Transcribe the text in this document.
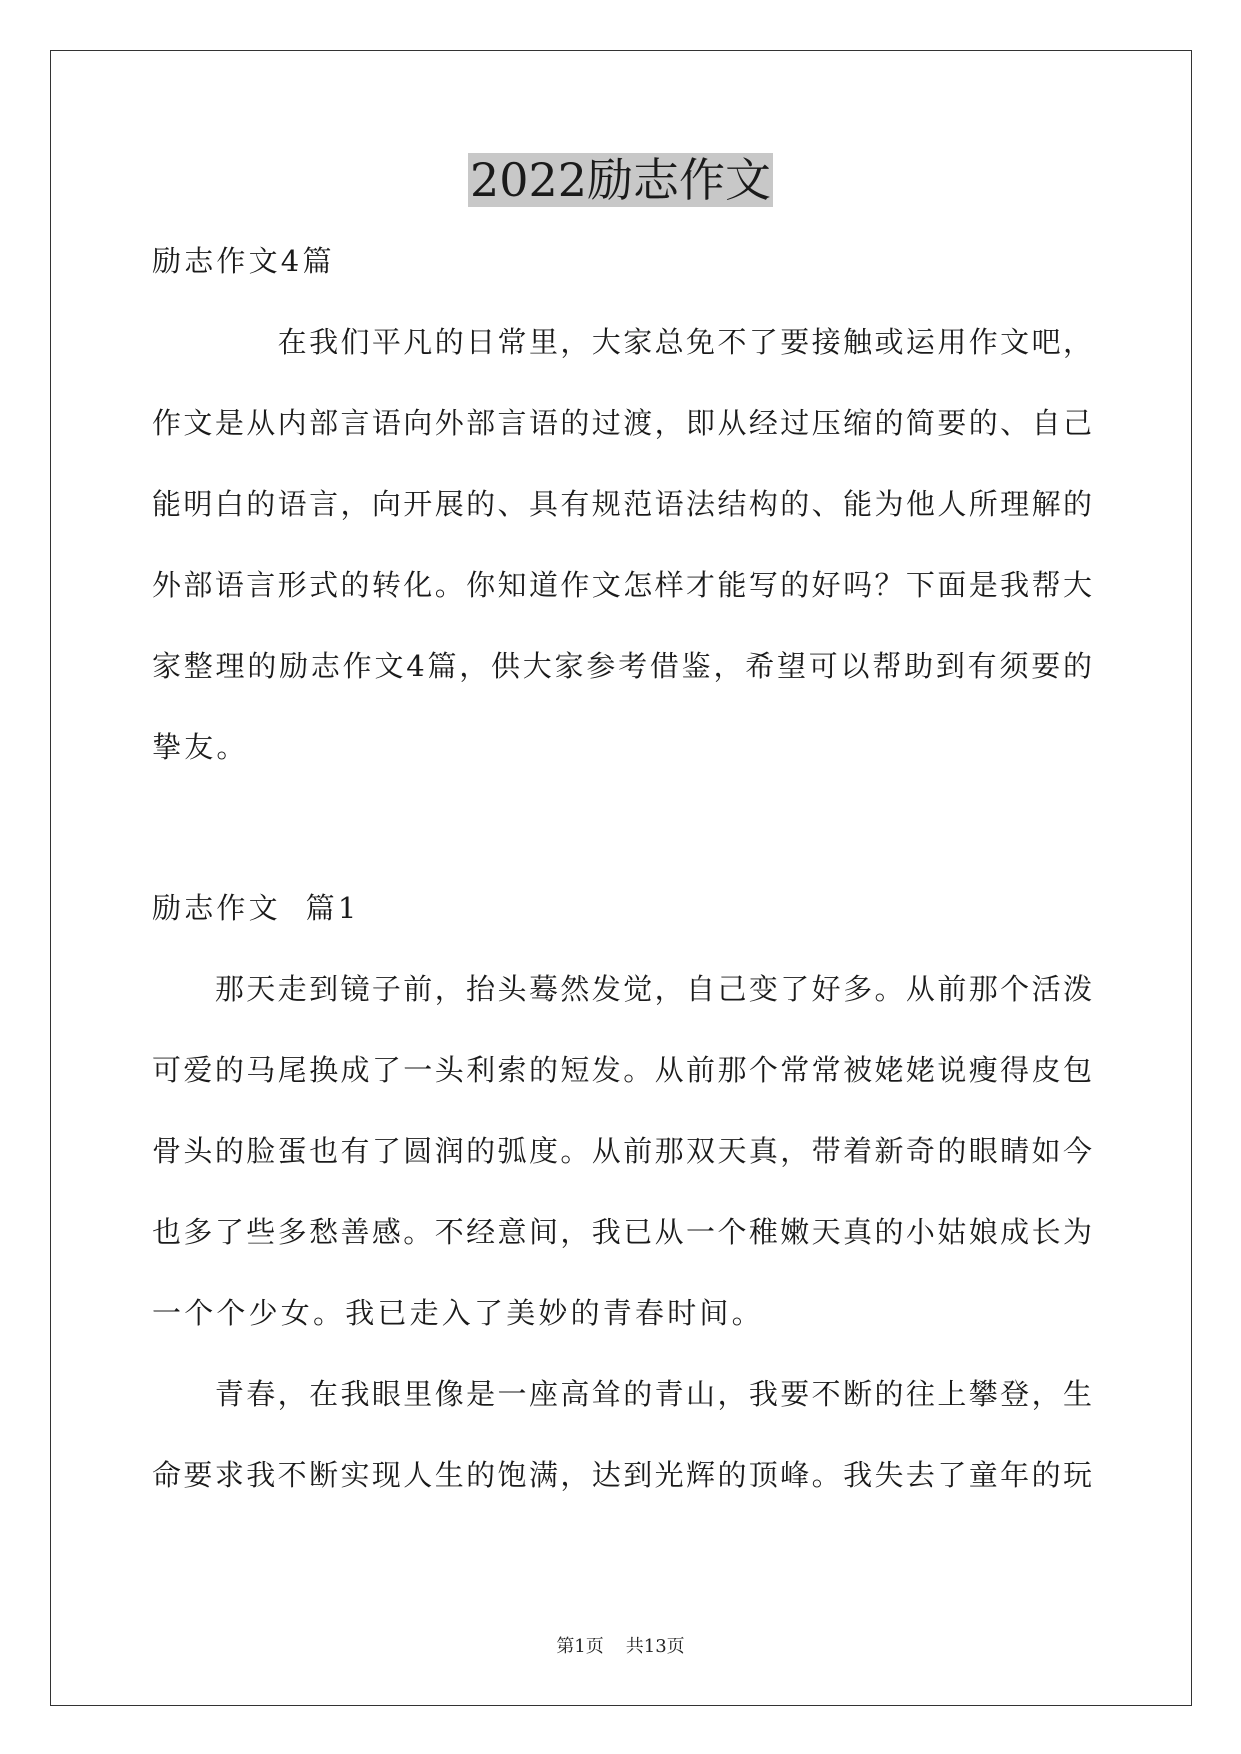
2022励志作文
励志作文4篇
　　　　在我们平凡的日常里，大家总免不了要接触或运用作文吧，
作文是从内部言语向外部言语的过渡，即从经过压缩的简要的、自己
能明白的语言，向开展的、具有规范语法结构的、能为他人所理解的
外部语言形式的转化。你知道作文怎样才能写的好吗？下面是我帮大
家整理的励志作文4篇，供大家参考借鉴，希望可以帮助到有须要的
挚友。
励志作文  篇1
　　那天走到镜子前，抬头蓦然发觉，自己变了好多。从前那个活泼
可爱的马尾换成了一头利索的短发。从前那个常常被姥姥说瘦得皮包
骨头的脸蛋也有了圆润的弧度。从前那双天真，带着新奇的眼睛如今
也多了些多愁善感。不经意间，我已从一个稚嫩天真的小姑娘成长为
一个个少女。我已走入了美妙的青春时间。
　　青春，在我眼里像是一座高耸的青山，我要不断的往上攀登，生
命要求我不断实现人生的饱满，达到光辉的顶峰。我失去了童年的玩
第1页 共13页
